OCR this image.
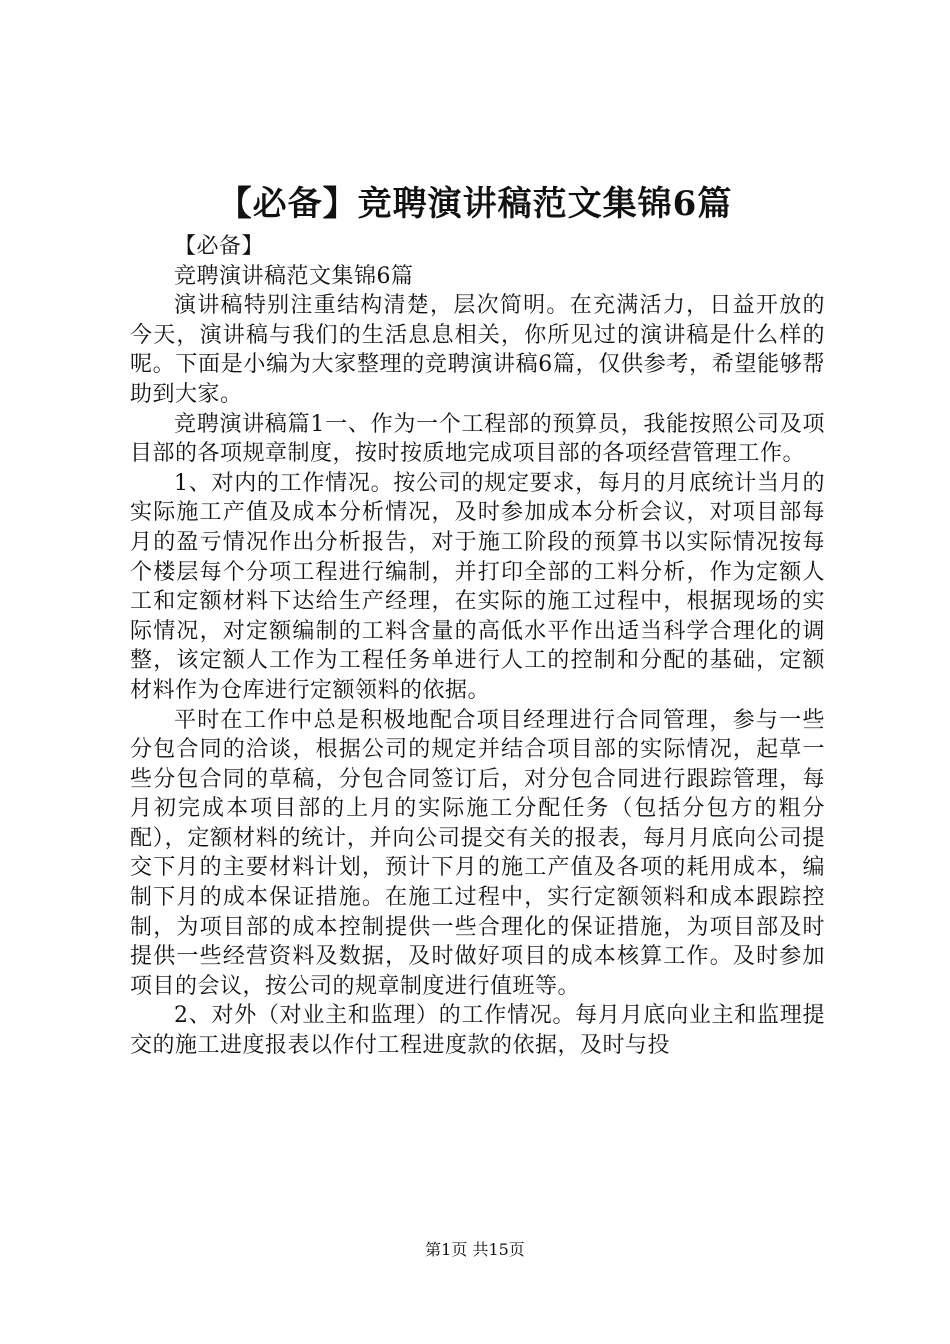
【必备】竞聘演讲稿范文集锦6篇

【必备】

竞聘演讲稿范文集锦6篇

演讲稿特别注重结构清楚，层次简明。在充满活力，日益开放的今天，演讲稿与我们的生活息息相关，你所见过的演讲稿是什么样的呢。下面是小编为大家整理的竞聘演讲稿6篇，仅供参考，希望能够帮助到大家。

竞聘演讲稿篇1一、作为一个工程部的预算员，我能按照公司及项目部的各项规章制度，按时按质地完成项目部的各项经营管理工作。

1、对内的工作情况。按公司的规定要求，每月的月底统计当月的实际施工产值及成本分析情况，及时参加成本分析会议，对项目部每月的盈亏情况作出分析报告，对于施工阶段的预算书以实际情况按每个楼层每个分项工程进行编制，并打印全部的工料分析，作为定额人工和定额材料下达给生产经理，在实际的施工过程中，根据现场的实际情况，对定额编制的工料含量的高低水平作出适当科学合理化的调整，该定额人工作为工程任务单进行人工的控制和分配的基础，定额材料作为仓库进行定额领料的依据。

平时在工作中总是积极地配合项目经理进行合同管理，参与一些分包合同的洽谈，根据公司的规定并结合项目部的实际情况，起草一些分包合同的草稿，分包合同签订后，对分包合同进行跟踪管理，每月初完成本项目部的上月的实际施工分配任务（包括分包方的粗分配），定额材料的统计，并向公司提交有关的报表，每月月底向公司提交下月的主要材料计划，预计下月的施工产值及各项的耗用成本，编制下月的成本保证措施。在施工过程中，实行定额领料和成本跟踪控制，为项目部的成本控制提供一些合理化的保证措施，为项目部及时提供一些经营资料及数据，及时做好项目的成本核算工作。及时参加项目的会议，按公司的规章制度进行值班等。

2、对外（对业主和监理）的工作情况。每月月底向业主和监理提交的施工进度报表以作付工程进度款的依据，及时与投

第1页 共15页
